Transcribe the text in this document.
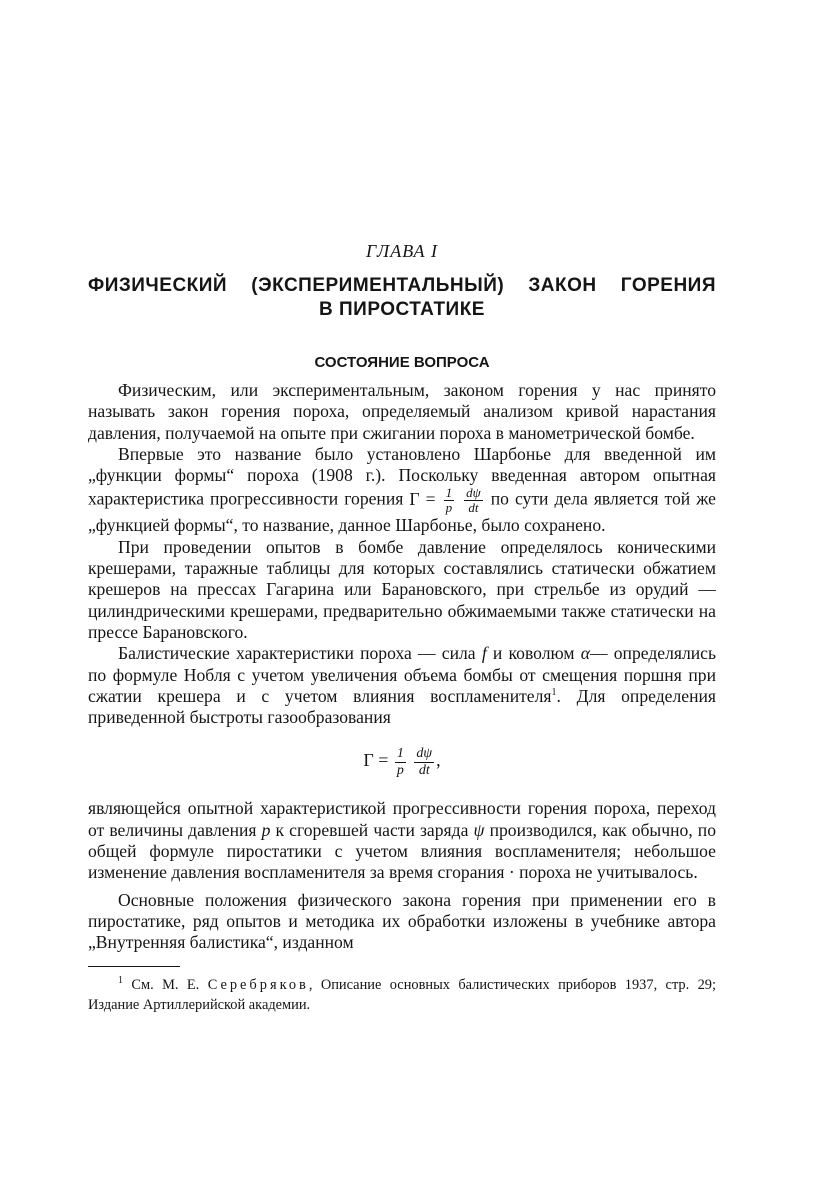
ГЛАВА I
ФИЗИЧЕСКИЙ (ЭКСПЕРИМЕНТАЛЬНЫЙ) ЗАКОН ГОРЕНИЯ
В ПИРОСТАТИКЕ
СОСТОЯНИЕ ВОПРОСА

Физическим, или экспериментальным, законом горения у нас принято называть закон горения пороха, определяемый анализом кривой нарастания давления, получаемой на опыте при сжигании пороха в манометрической бомбе.

Впервые это название было установлено Шарбонье для введенной им „функции формы“ пороха (1908 г.). Поскольку введенная автором опытная характеристика прогрессивности горения $\Gamma = \frac{1}{p}$
$\frac{d\psi}{dt}$ по сути дела является той же „функцией формы“, то название, данное Шарбонье, было сохранено.

При проведении опытов в бомбе давление определялось коническими крешерами, таражные таблицы для которых составлялись статически обжатием крешеров на прессах Гагарина или Барановского, при стрельбе из орудий — цилиндрическими крешерами, предварительно обжимаемыми также статически на прессе Барановского.

Балистические характеристики пороха — сила f и коволюм α— определялись по формуле Нобля с учетом увеличения объема бомбы от смещения поршня при сжатии крешера и с учетом влияния воспламенителя$^1$. Для определения приведенной быстроты газообразования

$\Gamma = \frac{1}{p}$
$\frac{d\psi}{dt}$ ,

являющейся опытной характеристикой прогрессивности горения пороха, переход от величины давления p к сгоревшей части заряда ψ производился, как обычно, по общей формуле пиростатики с учетом влияния воспламенителя; небольшое изменение давления воспламенителя за время сгорания · пороха не учитывалось.

Основные положения физического закона горения при применении его в пиростатике, ряд опытов и методика их обработки изложены в учебнике автора „Внутренняя балистика“, изданном

$^1$ См. М. Е. Серебряков, Описание основных балистических приборов 1937, стр. 29; Издание Артиллерийской академии.
